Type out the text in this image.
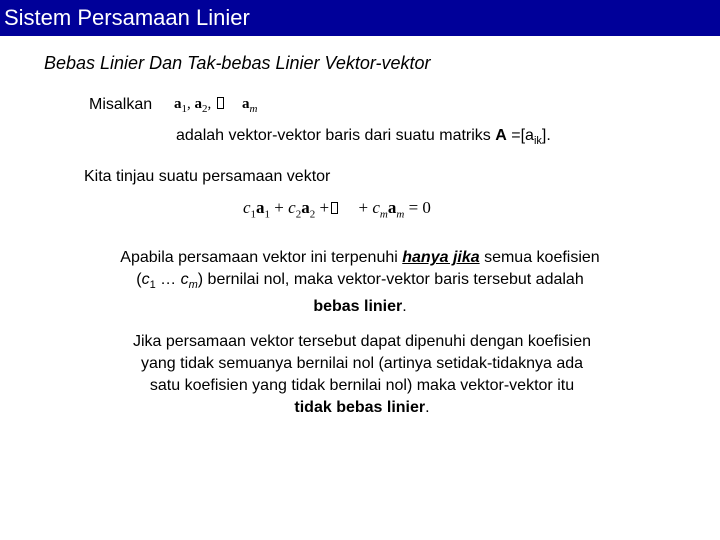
Sistem Persamaan Linier
Bebas Linier Dan Tak-bebas Linier Vektor-vektor
Misalkan $a_1$, $a_2$, $a_m$
adalah vektor-vektor baris dari suatu matriks $A =[a_{ik}]$.
Kita tinjau suatu persamaan vektor
$c_1a_1 + c_2a_2$ + + $c_ma_m = 0$
Apabila persamaan vektor ini terpenuhi hanya jika semua koefisien
($c_1$ … $c_m$) bernilai nol, maka vektor-vektor baris tersebut adalah
bebas linier.
Jika persamaan vektor tersebut dapat dipenuhi dengan koefisien
yang tidak semuanya bernilai nol (artinya setidak-tidaknya ada
satu koefisien yang tidak bernilai nol) maka vektor-vektor itu
tidak bebas linier.
